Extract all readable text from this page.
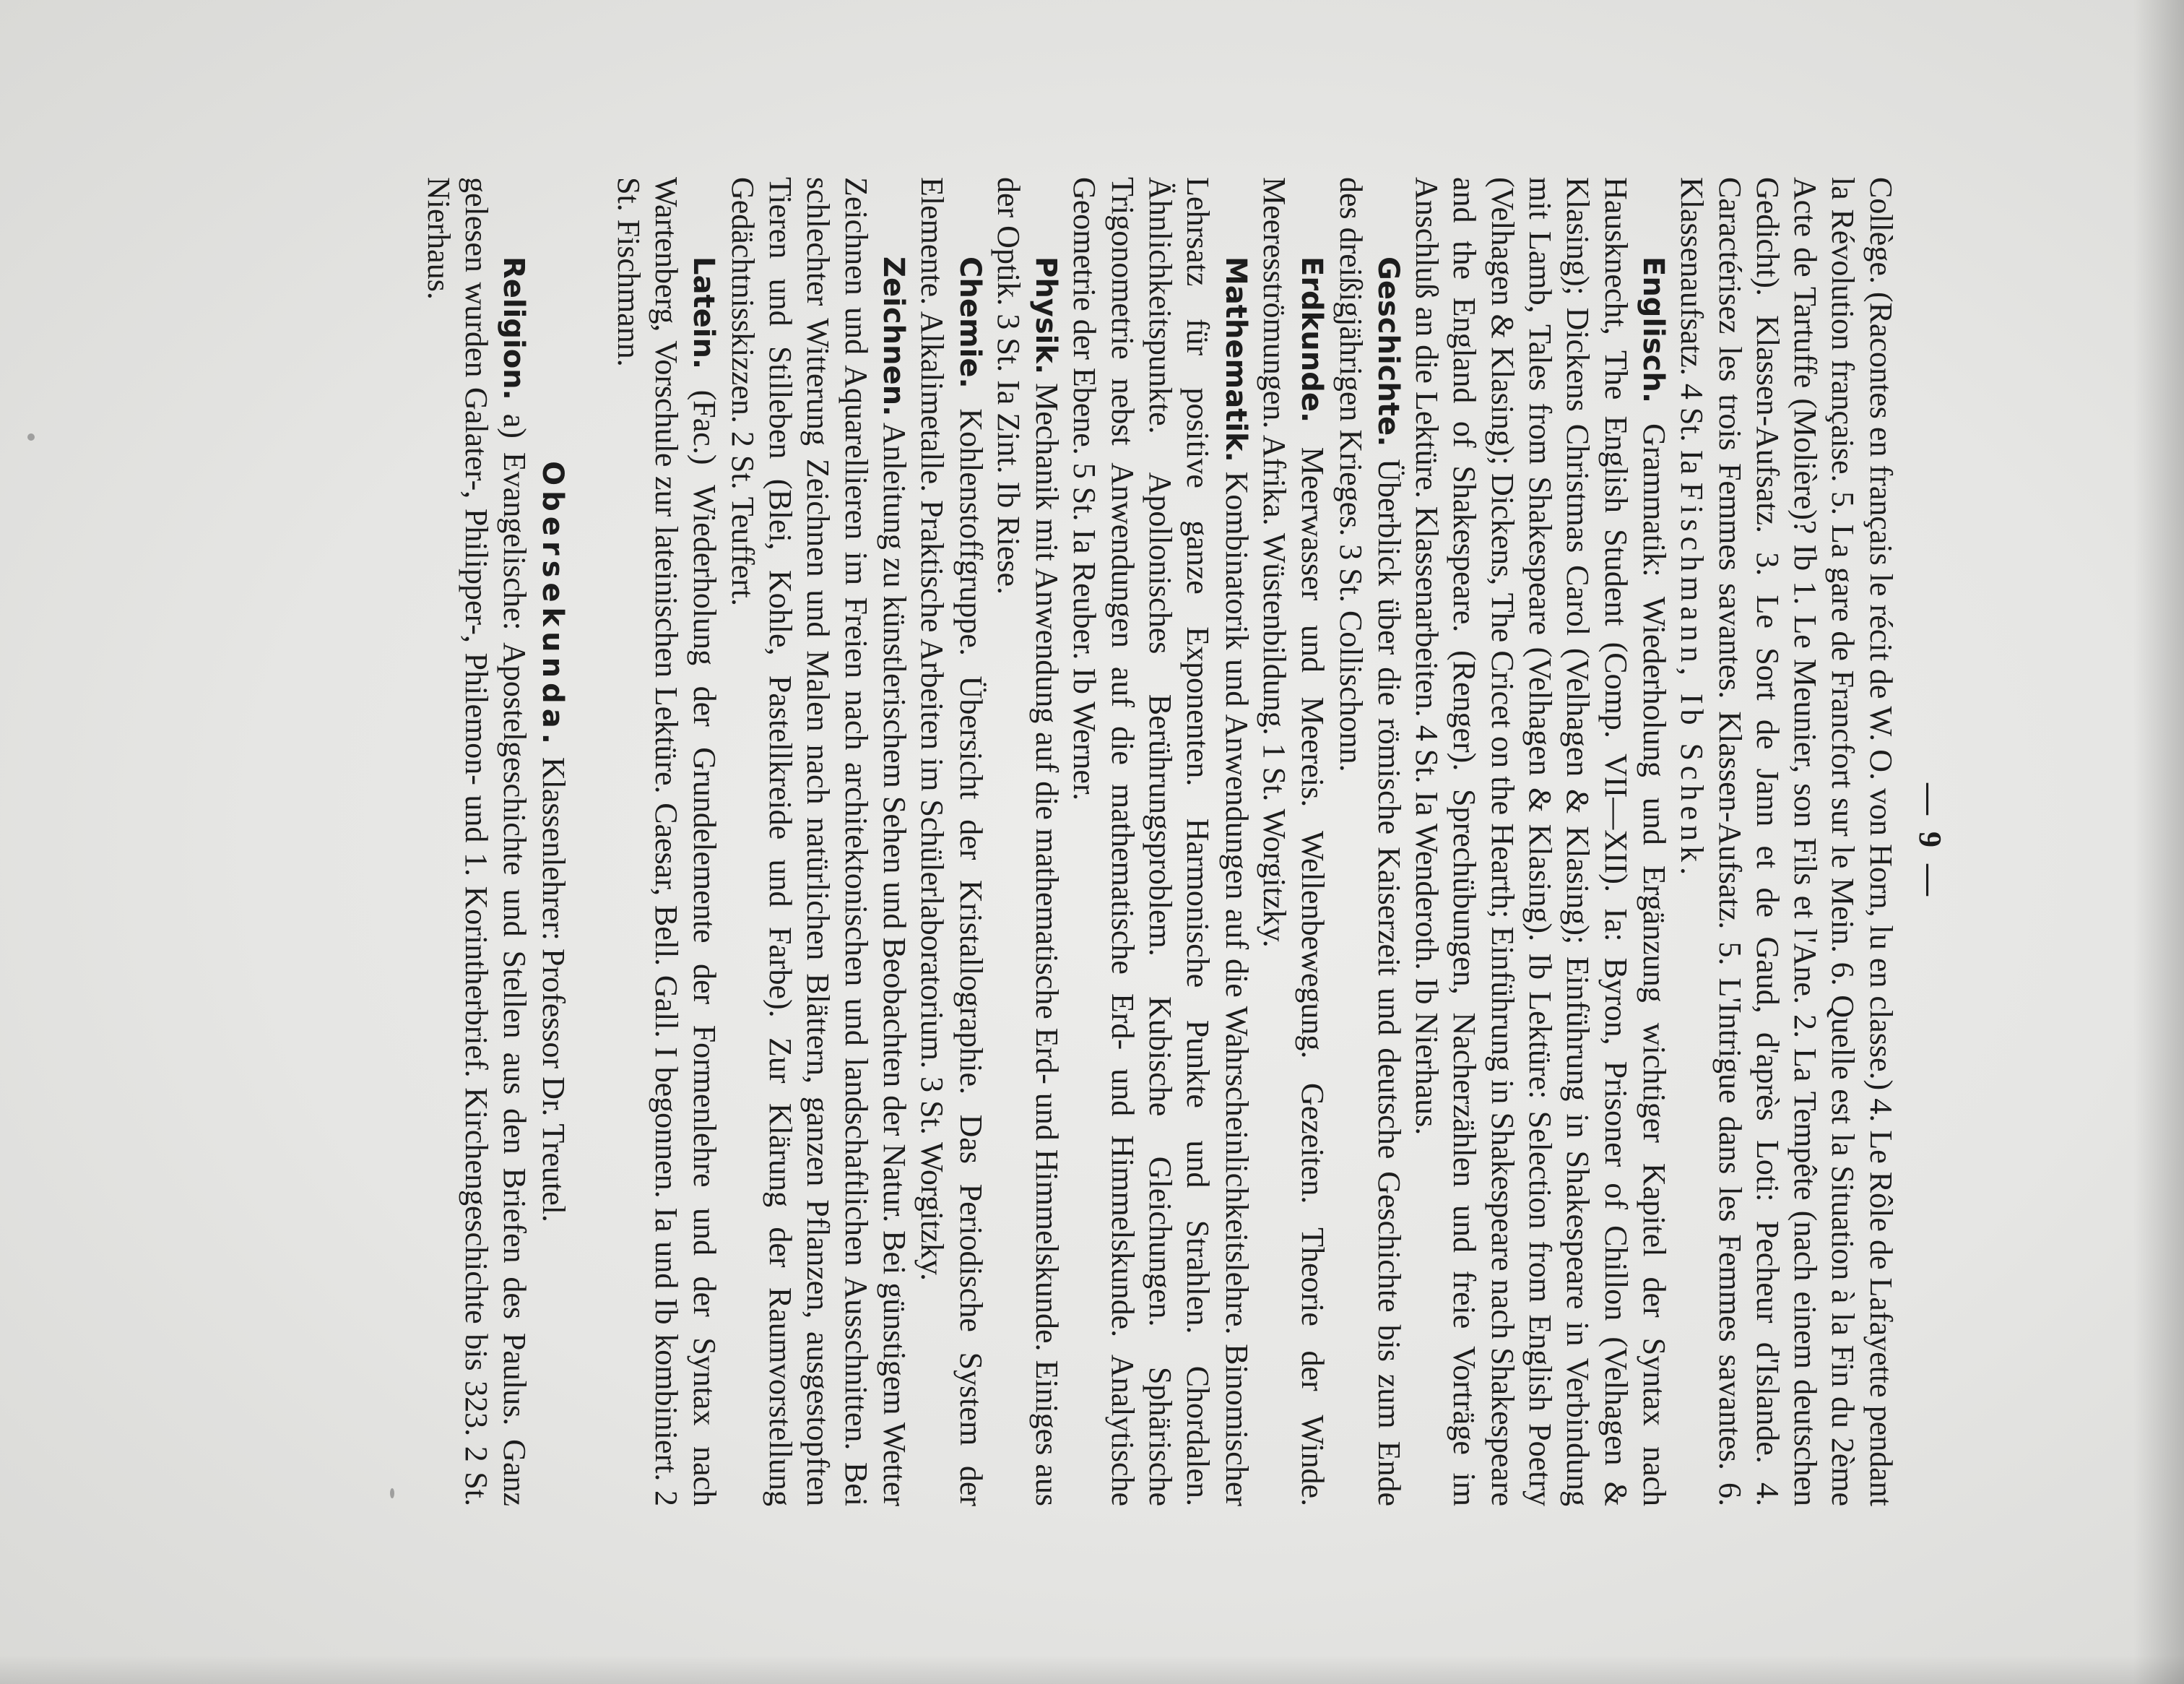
— 9 —

Collège. (Racontes en français le récit de W. O. von Horn, lu en classe.) 4. Le Rôle de Lafayette pendant la Révolution française. 5. La gare de Francfort sur le Mein. 6. Quelle est la Situation à la Fin du 2ème Acte de Tartuffe (Molière)? Ib 1. Le Meunier, son Fils et l'Ane. 2. La Tempête (nach einem deutschen Gedicht). Klassen-Aufsatz. 3. Le Sort de Jann et de Gaud, d'après Loti: Pecheur d'Islande. 4. Caractérisez les trois Femmes savantes. Klassen-Aufsatz. 5. L'Intrigue dans les Femmes savantes. 6. Klassenaufsatz. 4 St. Ia Fischmann, Ib Schenk.

Englisch. Grammatik: Wiederholung und Ergänzung wichtiger Kapitel der Syntax nach Hausknecht, The English Student (Comp. VII—XII). Ia: Byron, Prisoner of Chillon (Velhagen & Klasing); Dickens Christmas Carol (Velhagen & Klasing); Einführung in Shakespeare in Verbindung mit Lamb, Tales from Shakespeare (Velhagen & Klasing). Ib Lektüre: Selection from English Poetry (Velhagen & Klasing); Dickens, The Cricet on the Hearth; Einführung in Shakespeare nach Shakespeare and the England of Shakespeare. (Renger). Sprechübungen, Nacherzählen und freie Vorträge im Anschluß an die Lektüre. Klassenarbeiten. 4 St. Ia Wenderoth. Ib Nierhaus.

Geschichte. Überblick über die römische Kaiserzeit und deutsche Geschichte bis zum Ende des dreißigjährigen Krieges. 3 St. Collischonn.

Erdkunde. Meerwasser und Meereis. Wellenbewegung. Gezeiten. Theorie der Winde. Meeresströmungen. Afrika. Wüstenbildung. 1 St. Worgitzky.

Mathematik. Kombinatorik und Anwendungen auf die Wahrscheinlichkeitslehre. Binomischer Lehrsatz für positive ganze Exponenten. Harmonische Punkte und Strahlen. Chordalen. Ähnlichkeitspunkte. Apollonisches Berührungsproblem. Kubische Gleichungen. Sphärische Trigonometrie nebst Anwendungen auf die mathematische Erd- und Himmelskunde. Analytische Geometrie der Ebene. 5 St. Ia Reuber. Ib Werner.

Physik. Mechanik mit Anwendung auf die mathematische Erd- und Himmelskunde. Einiges aus der Optik. 3 St. Ia Zint. Ib Riese.

Chemie. Kohlenstoffgruppe. Übersicht der Kristallographie. Das Periodische System der Elemente. Alkalimetalle. Praktische Arbeiten im Schülerlaboratorium. 3 St. Worgitzky.

Zeichnen. Anleitung zu künstlerischem Sehen und Beobachten der Natur. Bei günstigem Wetter Zeichnen und Aquarellieren im Freien nach architektonischen und landschaftlichen Ausschnitten. Bei schlechter Witterung Zeichnen und Malen nach natürlichen Blättern, ganzen Pflanzen, ausgestopften Tieren und Stilleben (Blei, Kohle, Pastellkreide und Farbe). Zur Klärung der Raumvorstellung Gedächtnisskizzen. 2 St. Teuffert.

Latein. (Fac.) Wiederholung der Grundelemente der Formenlehre und der Syntax nach Wartenberg, Vorschule zur lateinischen Lektüre. Caesar, Bell. Gall. I begonnen. Ia und Ib kombiniert. 2 St. Fischmann.

Obersekunda. Klassenlehrer: Professor Dr. Treutel.

Religion. a) Evangelische: Apostelgeschichte und Stellen aus den Briefen des Paulus. Ganz gelesen wurden Galater-, Philipper-, Philemon- und 1. Korintherbrief. Kirchengeschichte bis 323. 2 St. Nierhaus.
